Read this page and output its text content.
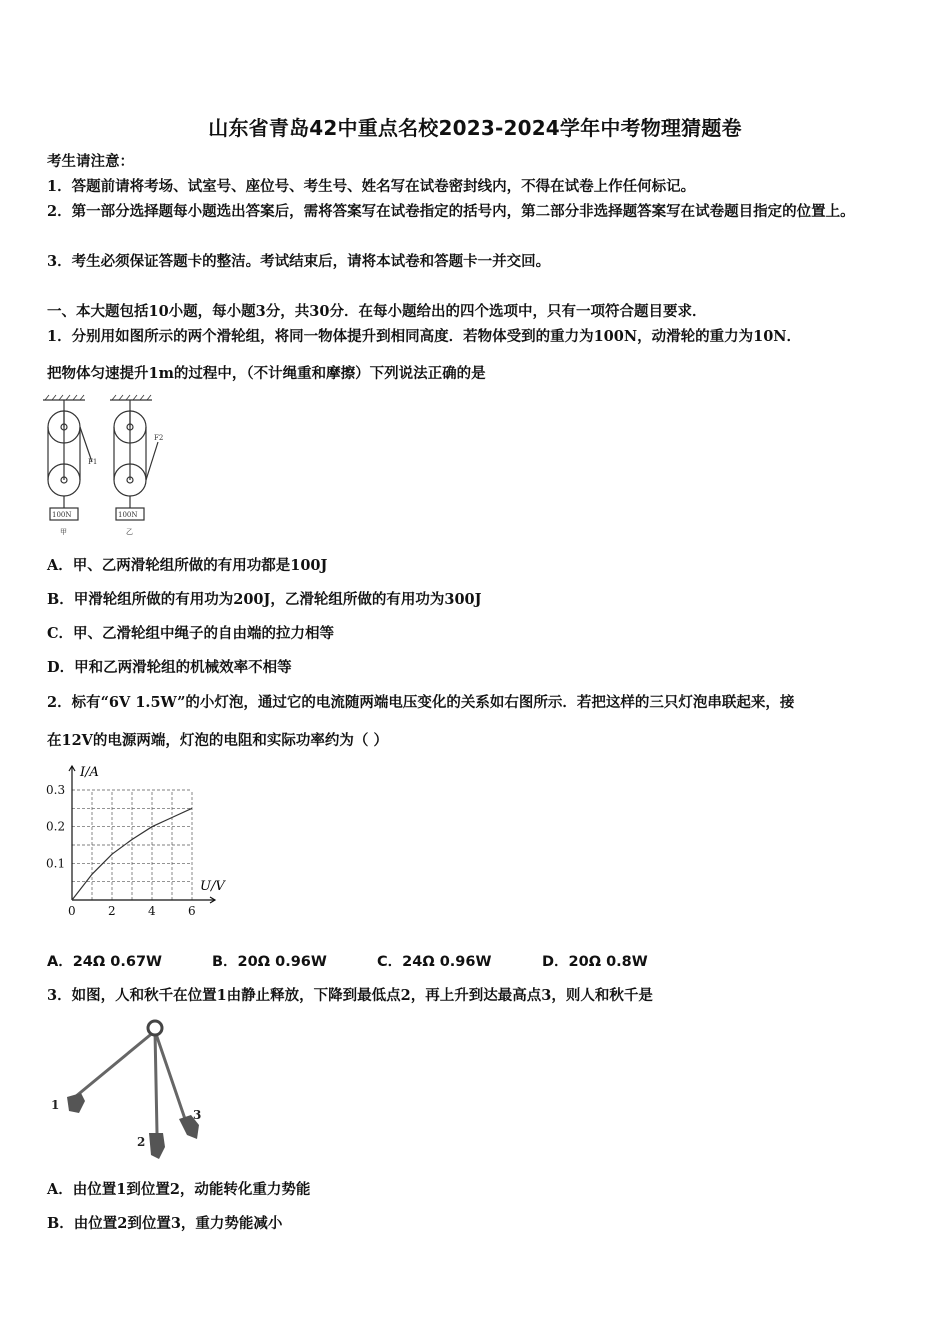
山东省青岛42中重点名校2023-2024学年中考物理猜题卷
考生请注意：
1．答题前请将考场、试室号、座位号、考生号、姓名写在试卷密封线内，不得在试卷上作任何标记。
2．第一部分选择题每小题选出答案后，需将答案写在试卷指定的括号内，第二部分非选择题答案写在试卷题目指定的位置上。
3．考生必须保证答题卡的整洁。考试结束后，请将本试卷和答题卡一并交回。
一、本大题包括10小题，每小题3分，共30分．在每小题给出的四个选项中，只有一项符合题目要求．
1．分别用如图所示的两个滑轮组，将同一物体提升到相同高度．若物体受到的重力为100N，动滑轮的重力为10N．
把物体匀速提升1m的过程中，（不计绳重和摩擦）下列说法正确的是
100N	100N
甲	乙
F1
F2
A．甲、乙两滑轮组所做的有用功都是100J
B．甲滑轮组所做的有用功为200J，乙滑轮组所做的有用功为300J
C．甲、乙滑轮组中绳子的自由端的拉力相等
D．甲和乙两滑轮组的机械效率不相等
2．标有“6V 1.5W”的小灯泡，通过它的电流随两端电压变化的关系如右图所示．若把这样的三只灯泡串联起来，接
在12V的电源两端，灯泡的电阻和实际功率约为（ ）
0	2	4	6
0.1
0.2
0.3
I/A
U/V
A．24Ω 0.67W	B．20Ω 0.96W	C．24Ω 0.96W	D．20Ω 0.8W
3．如图，人和秋千在位置1由静止释放，下降到最低点2，再上升到达最高点3，则人和秋千是
1
2
3
A．由位置1到位置2，动能转化重力势能
B．由位置2到位置3，重力势能减小
